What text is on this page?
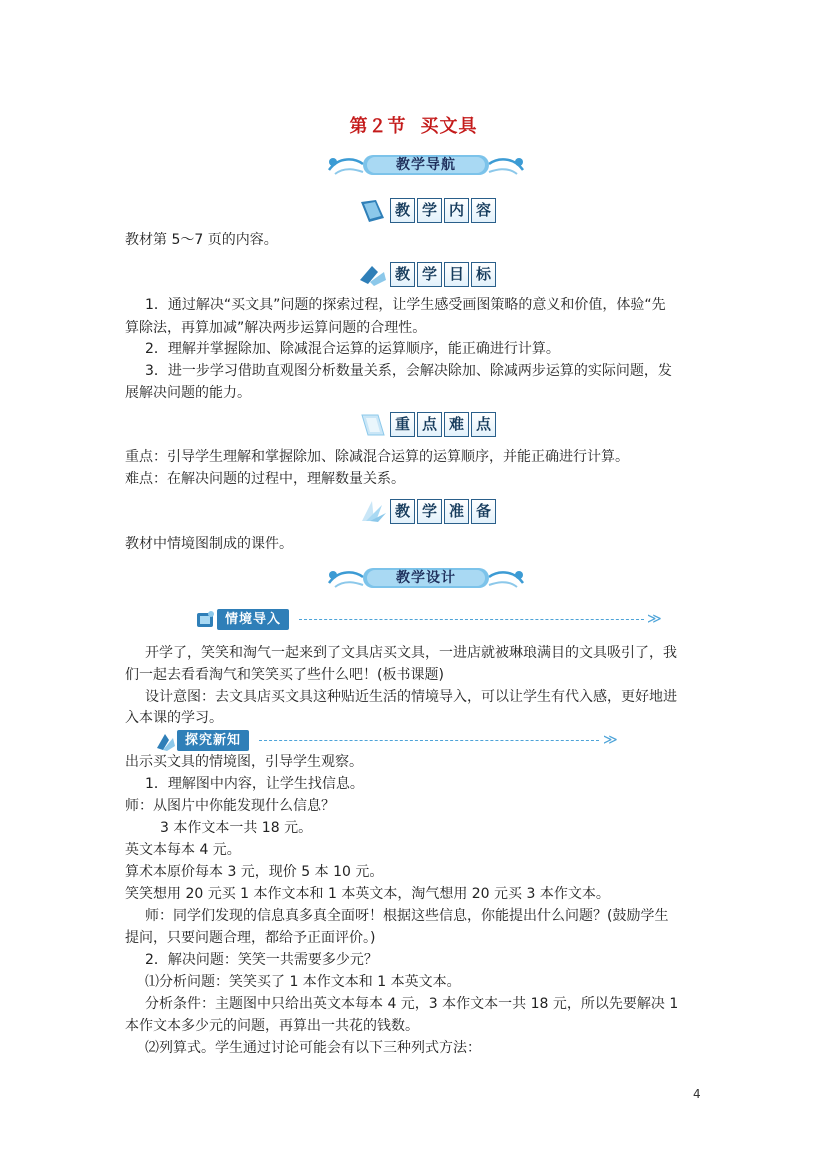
第２节 买文具
教学导航
教 学 内 容
教材第 5～7 页的内容。
教 学 目 标
1．通过解决“买文具”问题的探索过程，让学生感受画图策略的意义和价值，体验“先
算除法，再算加减”解决两步运算问题的合理性。
2．理解并掌握除加、除减混合运算的运算顺序，能正确进行计算。
3．进一步学习借助直观图分析数量关系，会解决除加、除减两步运算的实际问题，发
展解决问题的能力。
重 点 难 点
重点：引导学生理解和掌握除加、除减混合运算的运算顺序，并能正确进行计算。
难点：在解决问题的过程中，理解数量关系。
教 学 准 备
教材中情境图制成的课件。
教学设计
情境导入	≫
开学了，笑笑和淘气一起来到了文具店买文具，一进店就被琳琅满目的文具吸引了，我
们一起去看看淘气和笑笑买了些什么吧！(板书课题)
设计意图：去文具店买文具这种贴近生活的情境导入，可以让学生有代入感，更好地进
入本课的学习。
探究新知	≫
出示买文具的情境图，引导学生观察。
1．理解图中内容，让学生找信息。
师：从图片中你能发现什么信息？
3 本作文本一共 18 元。
英文本每本 4 元。
算术本原价每本 3 元，现价 5 本 10 元。
笑笑想用 20 元买 1 本作文本和 1 本英文本，淘气想用 20 元买 3 本作文本。
师：同学们发现的信息真多真全面呀！根据这些信息，你能提出什么问题？(鼓励学生
提问，只要问题合理，都给予正面评价。)
2．解决问题：笑笑一共需要多少元？
⑴分析问题：笑笑买了 1 本作文本和 1 本英文本。
分析条件：主题图中只给出英文本每本 4 元，3 本作文本一共 18 元，所以先要解决 1
本作文本多少元的问题，再算出一共花的钱数。
⑵列算式。学生通过讨论可能会有以下三种列式方法：
4
